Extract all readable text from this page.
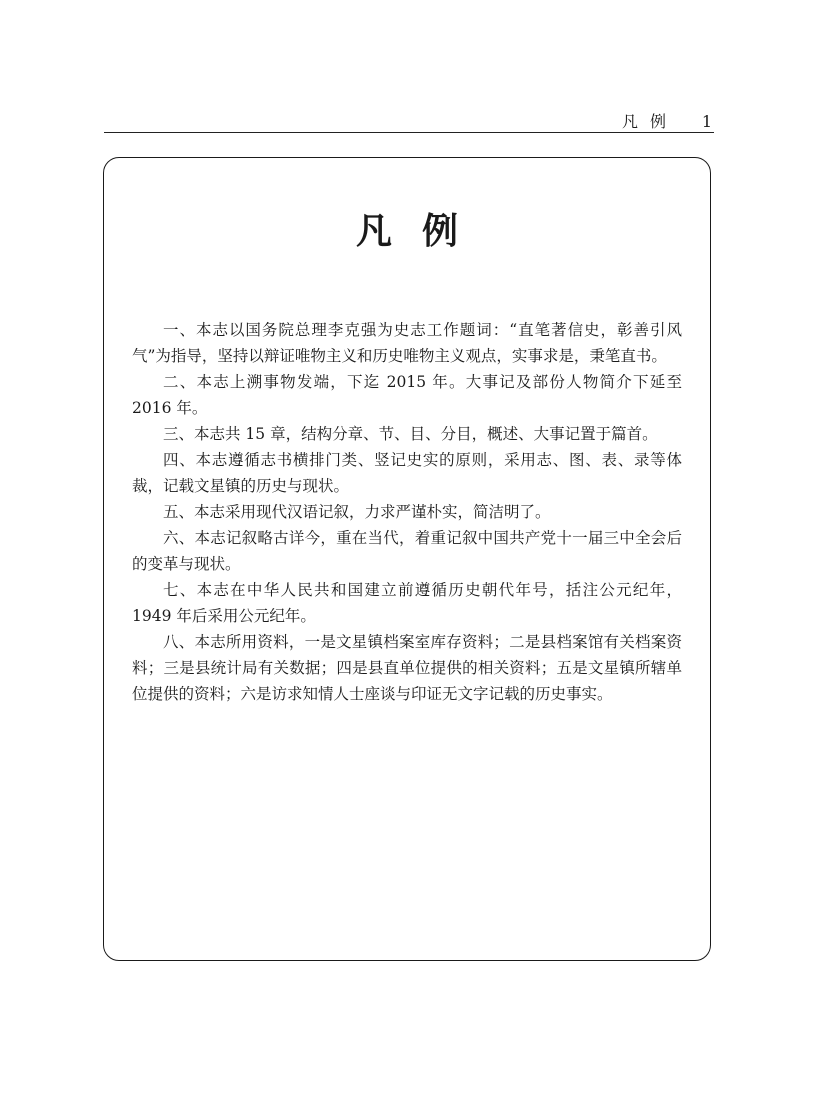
凡例 1
凡例

一、本志以国务院总理李克强为史志工作题词：“直笔著信史，彰善引风气”为指导，坚持以辩证唯物主义和历史唯物主义观点，实事求是，秉笔直书。

二、本志上溯事物发端，下迄 2015 年。大事记及部份人物简介下延至 2016 年。

三、本志共 15 章，结构分章、节、目、分目，概述、大事记置于篇首。

四、本志遵循志书横排门类、竖记史实的原则，采用志、图、表、录等体裁，记载文星镇的历史与现状。

五、本志采用现代汉语记叙，力求严谨朴实，简洁明了。

六、本志记叙略古详今，重在当代，着重记叙中国共产党十一届三中全会后的变革与现状。

七、本志在中华人民共和国建立前遵循历史朝代年号，括注公元纪年，1949 年后采用公元纪年。

八、本志所用资料，一是文星镇档案室库存资料；二是县档案馆有关档案资料；三是县统计局有关数据；四是县直单位提供的相关资料；五是文星镇所辖单位提供的资料；六是访求知情人士座谈与印证无文字记载的历史事实。
